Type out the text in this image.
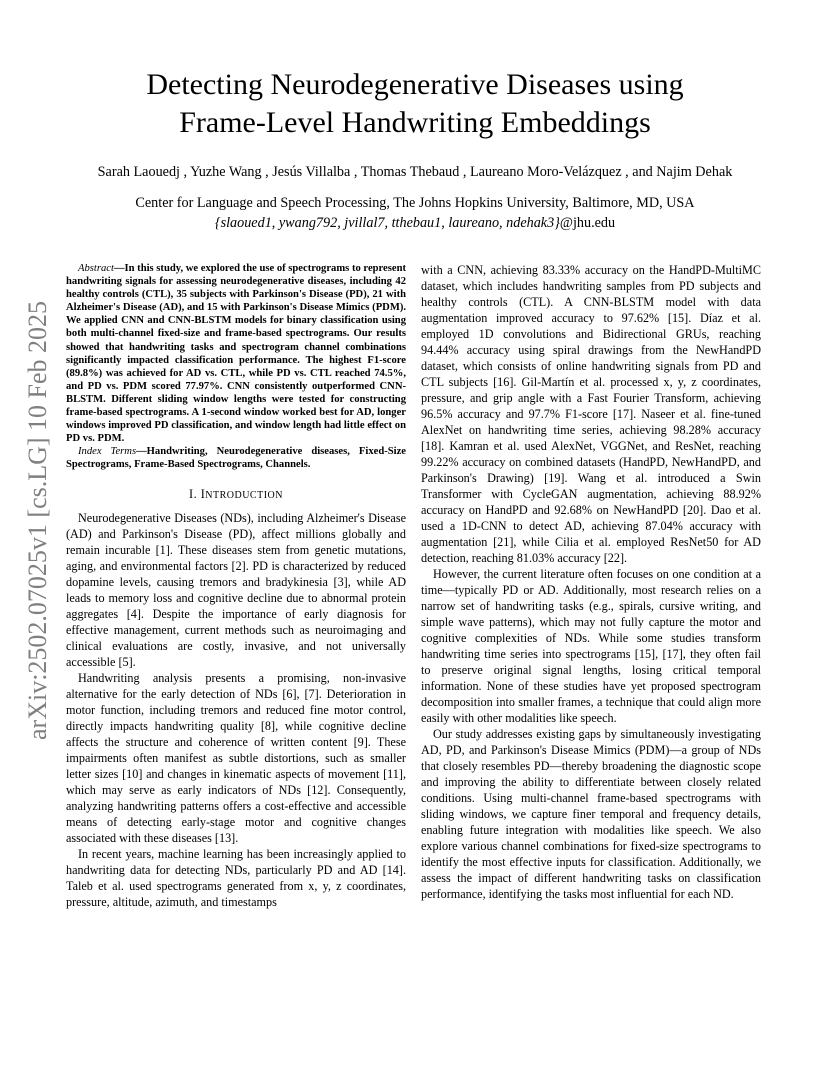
arXiv:2502.07025v1 [cs.LG] 10 Feb 2025
Detecting Neurodegenerative Diseases using
Frame-Level Handwriting Embeddings
Sarah Laouedj , Yuzhe Wang , Jesús Villalba , Thomas Thebaud , Laureano Moro-Velázquez , and Najim Dehak
Center for Language and Speech Processing, The Johns Hopkins University, Baltimore, MD, USA
{slaoued1, ywang792, jvillal7, tthebau1, laureano, ndehak3}@jhu.edu

Abstract—In this study, we explored the use of spectrograms to represent handwriting signals for assessing neurodegenerative diseases, including 42 healthy controls (CTL), 35 subjects with Parkinson's Disease (PD), 21 with Alzheimer's Disease (AD), and 15 with Parkinson's Disease Mimics (PDM). We applied CNN and CNN-BLSTM models for binary classification using both multi-channel fixed-size and frame-based spectrograms. Our results showed that handwriting tasks and spectrogram channel combinations significantly impacted classification performance. The highest F1-score (89.8%) was achieved for AD vs. CTL, while PD vs. CTL reached 74.5%, and PD vs. PDM scored 77.97%. CNN consistently outperformed CNN-BLSTM. Different sliding window lengths were tested for constructing frame-based spectrograms. A 1-second window worked best for AD, longer windows improved PD classification, and window length had little effect on PD vs. PDM.

Index Terms—Handwriting, Neurodegenerative diseases, Fixed-Size Spectrograms, Frame-Based Spectrograms, Channels.

I. INTRODUCTION

Neurodegenerative Diseases (NDs), including Alzheimer's Disease (AD) and Parkinson's Disease (PD), affect millions globally and remain incurable [1]. These diseases stem from genetic mutations, aging, and environmental factors [2]. PD is characterized by reduced dopamine levels, causing tremors and bradykinesia [3], while AD leads to memory loss and cognitive decline due to abnormal protein aggregates [4]. Despite the importance of early diagnosis for effective management, current methods such as neuroimaging and clinical evaluations are costly, invasive, and not universally accessible [5].

Handwriting analysis presents a promising, non-invasive alternative for the early detection of NDs [6], [7]. Deterioration in motor function, including tremors and reduced fine motor control, directly impacts handwriting quality [8], while cognitive decline affects the structure and coherence of written content [9]. These impairments often manifest as subtle distortions, such as smaller letter sizes [10] and changes in kinematic aspects of movement [11], which may serve as early indicators of NDs [12]. Consequently, analyzing handwriting patterns offers a cost-effective and accessible means of detecting early-stage motor and cognitive changes associated with these diseases [13].

In recent years, machine learning has been increasingly applied to handwriting data for detecting NDs, particularly PD and AD [14]. Taleb et al. used spectrograms generated from x, y, z coordinates, pressure, altitude, azimuth, and timestamps

with a CNN, achieving 83.33% accuracy on the HandPD-MultiMC dataset, which includes handwriting samples from PD subjects and healthy controls (CTL). A CNN-BLSTM model with data augmentation improved accuracy to 97.62% [15]. Díaz et al. employed 1D convolutions and Bidirectional GRUs, reaching 94.44% accuracy using spiral drawings from the NewHandPD dataset, which consists of online handwriting signals from PD and CTL subjects [16]. Gil-Martín et al. processed x, y, z coordinates, pressure, and grip angle with a Fast Fourier Transform, achieving 96.5% accuracy and 97.7% F1-score [17]. Naseer et al. fine-tuned AlexNet on handwriting time series, achieving 98.28% accuracy [18]. Kamran et al. used AlexNet, VGGNet, and ResNet, reaching 99.22% accuracy on combined datasets (HandPD, NewHandPD, and Parkinson's Drawing) [19]. Wang et al. introduced a Swin Transformer with CycleGAN augmentation, achieving 88.92% accuracy on HandPD and 92.68% on NewHandPD [20]. Dao et al. used a 1D-CNN to detect AD, achieving 87.04% accuracy with augmentation [21], while Cilia et al. employed ResNet50 for AD detection, reaching 81.03% accuracy [22].

However, the current literature often focuses on one condition at a time—typically PD or AD. Additionally, most research relies on a narrow set of handwriting tasks (e.g., spirals, cursive writing, and simple wave patterns), which may not fully capture the motor and cognitive complexities of NDs. While some studies transform handwriting time series into spectrograms [15], [17], they often fail to preserve original signal lengths, losing critical temporal information. None of these studies have yet proposed spectrogram decomposition into smaller frames, a technique that could align more easily with other modalities like speech.

Our study addresses existing gaps by simultaneously investigating AD, PD, and Parkinson's Disease Mimics (PDM)—a group of NDs that closely resembles PD—thereby broadening the diagnostic scope and improving the ability to differentiate between closely related conditions. Using multi-channel frame-based spectrograms with sliding windows, we capture finer temporal and frequency details, enabling future integration with modalities like speech. We also explore various channel combinations for fixed-size spectrograms to identify the most effective inputs for classification. Additionally, we assess the impact of different handwriting tasks on classification performance, identifying the tasks most influential for each ND.
